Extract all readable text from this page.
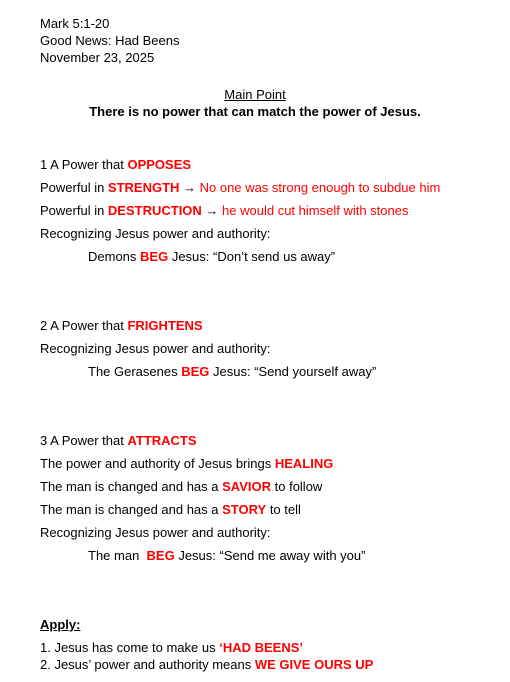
Mark 5:1-20
Good News: Had Beens
November 23, 2025
Main Point
There is no power that can match the power of Jesus.
1 A Power that OPPOSES
Powerful in STRENGTH → No one was strong enough to subdue him
Powerful in DESTRUCTION → he would cut himself with stones
Recognizing Jesus power and authority:
Demons BEG Jesus: “Don’t send us away”
2 A Power that FRIGHTENS
Recognizing Jesus power and authority:
The Gerasenes BEG Jesus: “Send yourself away”
3 A Power that ATTRACTS
The power and authority of Jesus brings HEALING
The man is changed and has a SAVIOR to follow
The man is changed and has a STORY to tell
Recognizing Jesus power and authority:
The man  BEG Jesus: “Send me away with you”
Apply:
1. Jesus has come to make us ‘HAD BEENS’
2. Jesus’ power and authority means WE GIVE OURS UP
